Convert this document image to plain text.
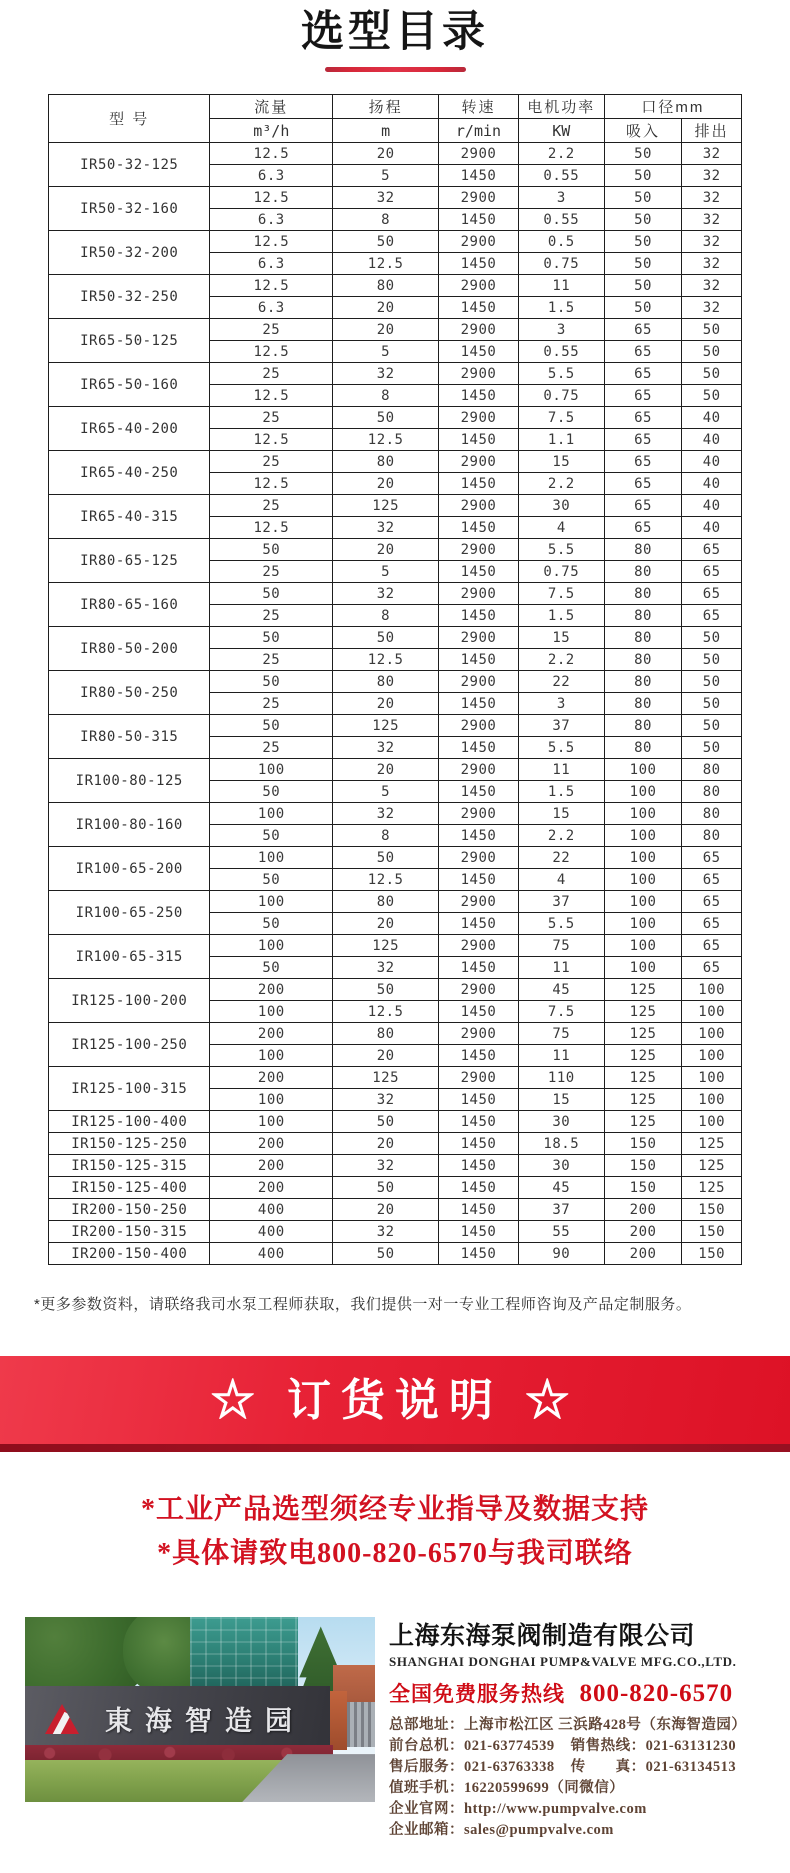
选型目录
型 号	流量	扬程	转速	电机功率	口径mm	
	m³/h	m	r/min	KW	吸入	排出
IR50-32-125	12.5	20	2900	2.2	50	32
	6.3	5	1450	0.55	50	32
IR50-32-160	12.5	32	2900	3	50	32
	6.3	8	1450	0.55	50	32
IR50-32-200	12.5	50	2900	0.5	50	32
	6.3	12.5	1450	0.75	50	32
IR50-32-250	12.5	80	2900	11	50	32
	6.3	20	1450	1.5	50	32
IR65-50-125	25	20	2900	3	65	50
	12.5	5	1450	0.55	65	50
IR65-50-160	25	32	2900	5.5	65	50
	12.5	8	1450	0.75	65	50
IR65-40-200	25	50	2900	7.5	65	40
	12.5	12.5	1450	1.1	65	40
IR65-40-250	25	80	2900	15	65	40
	12.5	20	1450	2.2	65	40
IR65-40-315	25	125	2900	30	65	40
	12.5	32	1450	4	65	40
IR80-65-125	50	20	2900	5.5	80	65
	25	5	1450	0.75	80	65
IR80-65-160	50	32	2900	7.5	80	65
	25	8	1450	1.5	80	65
IR80-50-200	50	50	2900	15	80	50
	25	12.5	1450	2.2	80	50
IR80-50-250	50	80	2900	22	80	50
	25	20	1450	3	80	50
IR80-50-315	50	125	2900	37	80	50
	25	32	1450	5.5	80	50
IR100-80-125	100	20	2900	11	100	80
	50	5	1450	1.5	100	80
IR100-80-160	100	32	2900	15	100	80
	50	8	1450	2.2	100	80
IR100-65-200	100	50	2900	22	100	65
	50	12.5	1450	4	100	65
IR100-65-250	100	80	2900	37	100	65
	50	20	1450	5.5	100	65
IR100-65-315	100	125	2900	75	100	65
	50	32	1450	11	100	65
IR125-100-200	200	50	2900	45	125	100
	100	12.5	1450	7.5	125	100
IR125-100-250	200	80	2900	75	125	100
	100	20	1450	11	125	100
IR125-100-315	200	125	2900	110	125	100
	100	32	1450	15	125	100
IR125-100-400	100	50	1450	30	125	100
IR150-125-250	200	20	1450	18.5	150	125
IR150-125-315	200	32	1450	30	150	125
IR150-125-400	200	50	1450	45	150	125
IR200-150-250	400	20	1450	37	200	150
IR200-150-315	400	32	1450	55	200	150
IR200-150-400	400	50	1450	90	200	150

*更多参数资料，请联络我司水泵工程师获取，我们提供一对一专业工程师咨询及产品定制服务。

☆ 订货说明 ☆
*工业产品选型须经专业指导及数据支持
*具体请致电800-820-6570与我司联络
東海智造园
上海东海泵阀制造有限公司
SHANGHAI DONGHAI PUMP&VALVE MFG.CO.,LTD.
全国免费服务热线 800-820-6570
总部地址：上海市松江区 三浜路428号（东海智造园）
前台总机：021-63774539 销售热线：021-63131230
售后服务：021-63763338 传　　真：021-63134513
值班手机：16220599699（同微信）
企业官网：http://www.pumpvalve.com
企业邮箱：sales@pumpvalve.com
